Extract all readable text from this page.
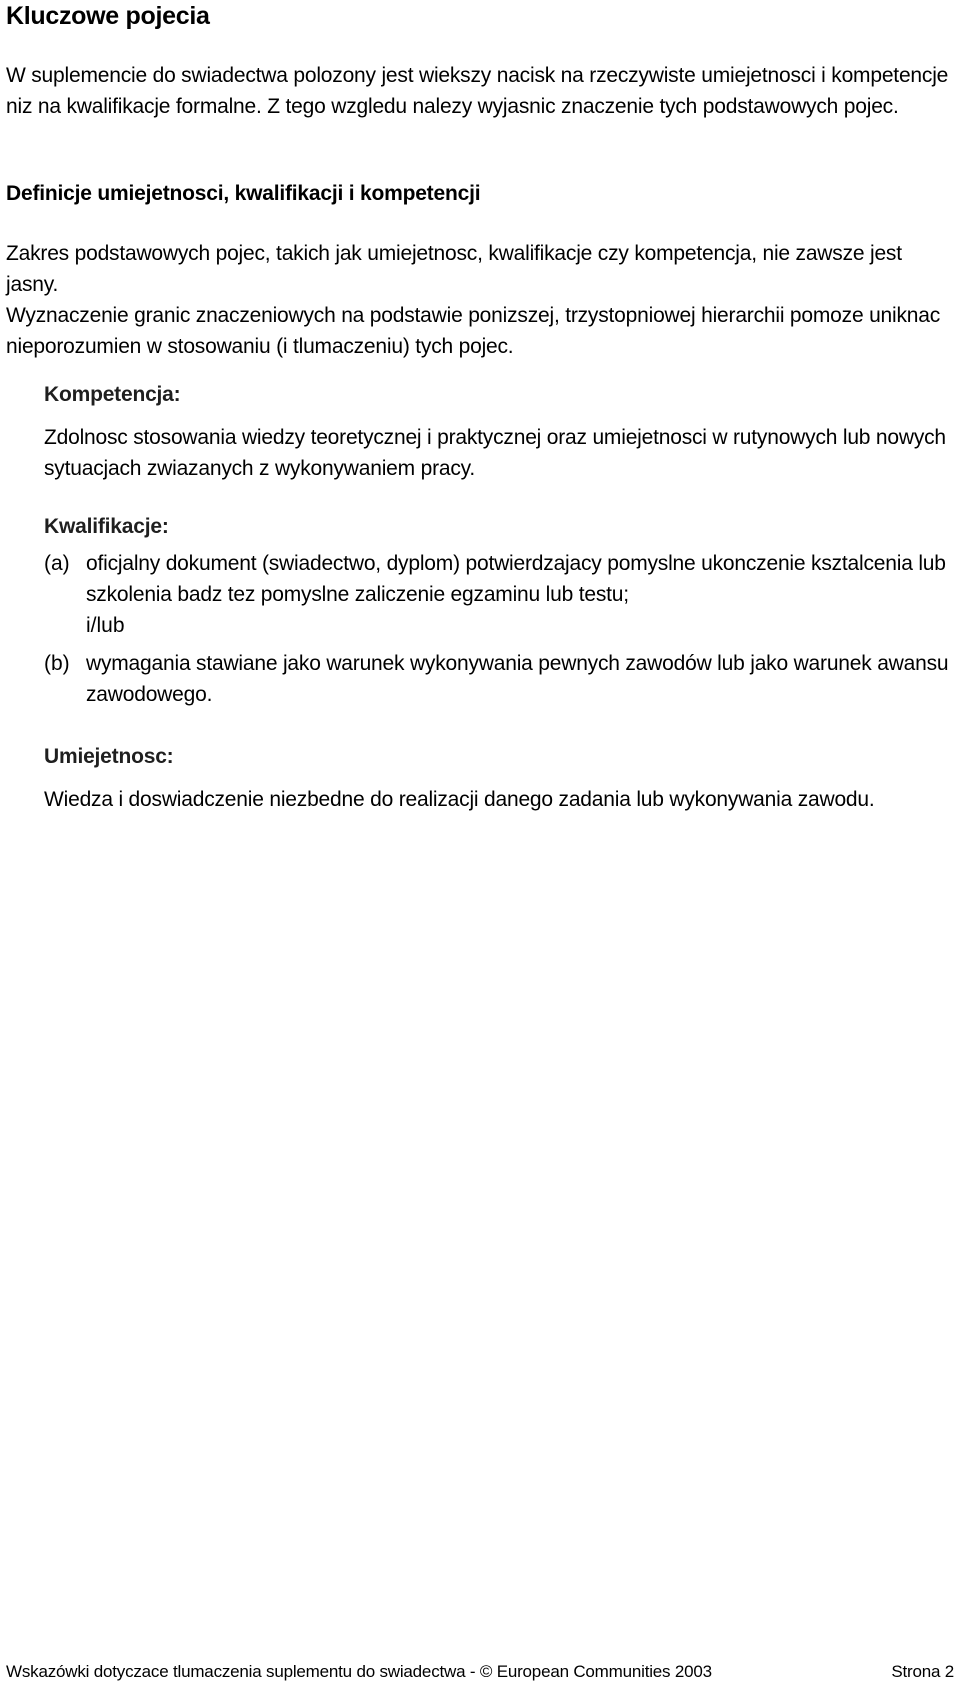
Kluczowe pojecia
W suplemencie do swiadectwa polozony jest wiekszy nacisk na rzeczywiste umiejetnosci i kompetencje niz na kwalifikacje formalne. Z tego wzgledu nalezy wyjasnic znaczenie tych podstawowych pojec.
Definicje umiejetnosci, kwalifikacji i kompetencji
Zakres podstawowych pojec, takich jak umiejetnosc, kwalifikacje czy kompetencja, nie zawsze jest jasny.
Wyznaczenie granic znaczeniowych na podstawie ponizszej, trzystopniowej hierarchii pomoze uniknac nieporozumien w stosowaniu (i tlumaczeniu) tych pojec.
Kompetencja:
Zdolnosc stosowania wiedzy teoretycznej i praktycznej oraz umiejetnosci w rutynowych lub nowych sytuacjach zwiazanych z wykonywaniem pracy.
Kwalifikacje:
(a) oficjalny dokument (swiadectwo, dyplom) potwierdzajacy pomyslne ukonczenie ksztalcenia lub szkolenia badz tez pomyslne zaliczenie egzaminu lub testu;
i/lub
(b) wymagania stawiane jako warunek wykonywania pewnych zawodów lub jako warunek awansu zawodowego.
Umiejetnosc:
Wiedza i doswiadczenie niezbedne do realizacji danego zadania lub wykonywania zawodu.
Wskazówki dotyczace tlumaczenia suplementu do swiadectwa - © European Communities 2003	Strona 2
